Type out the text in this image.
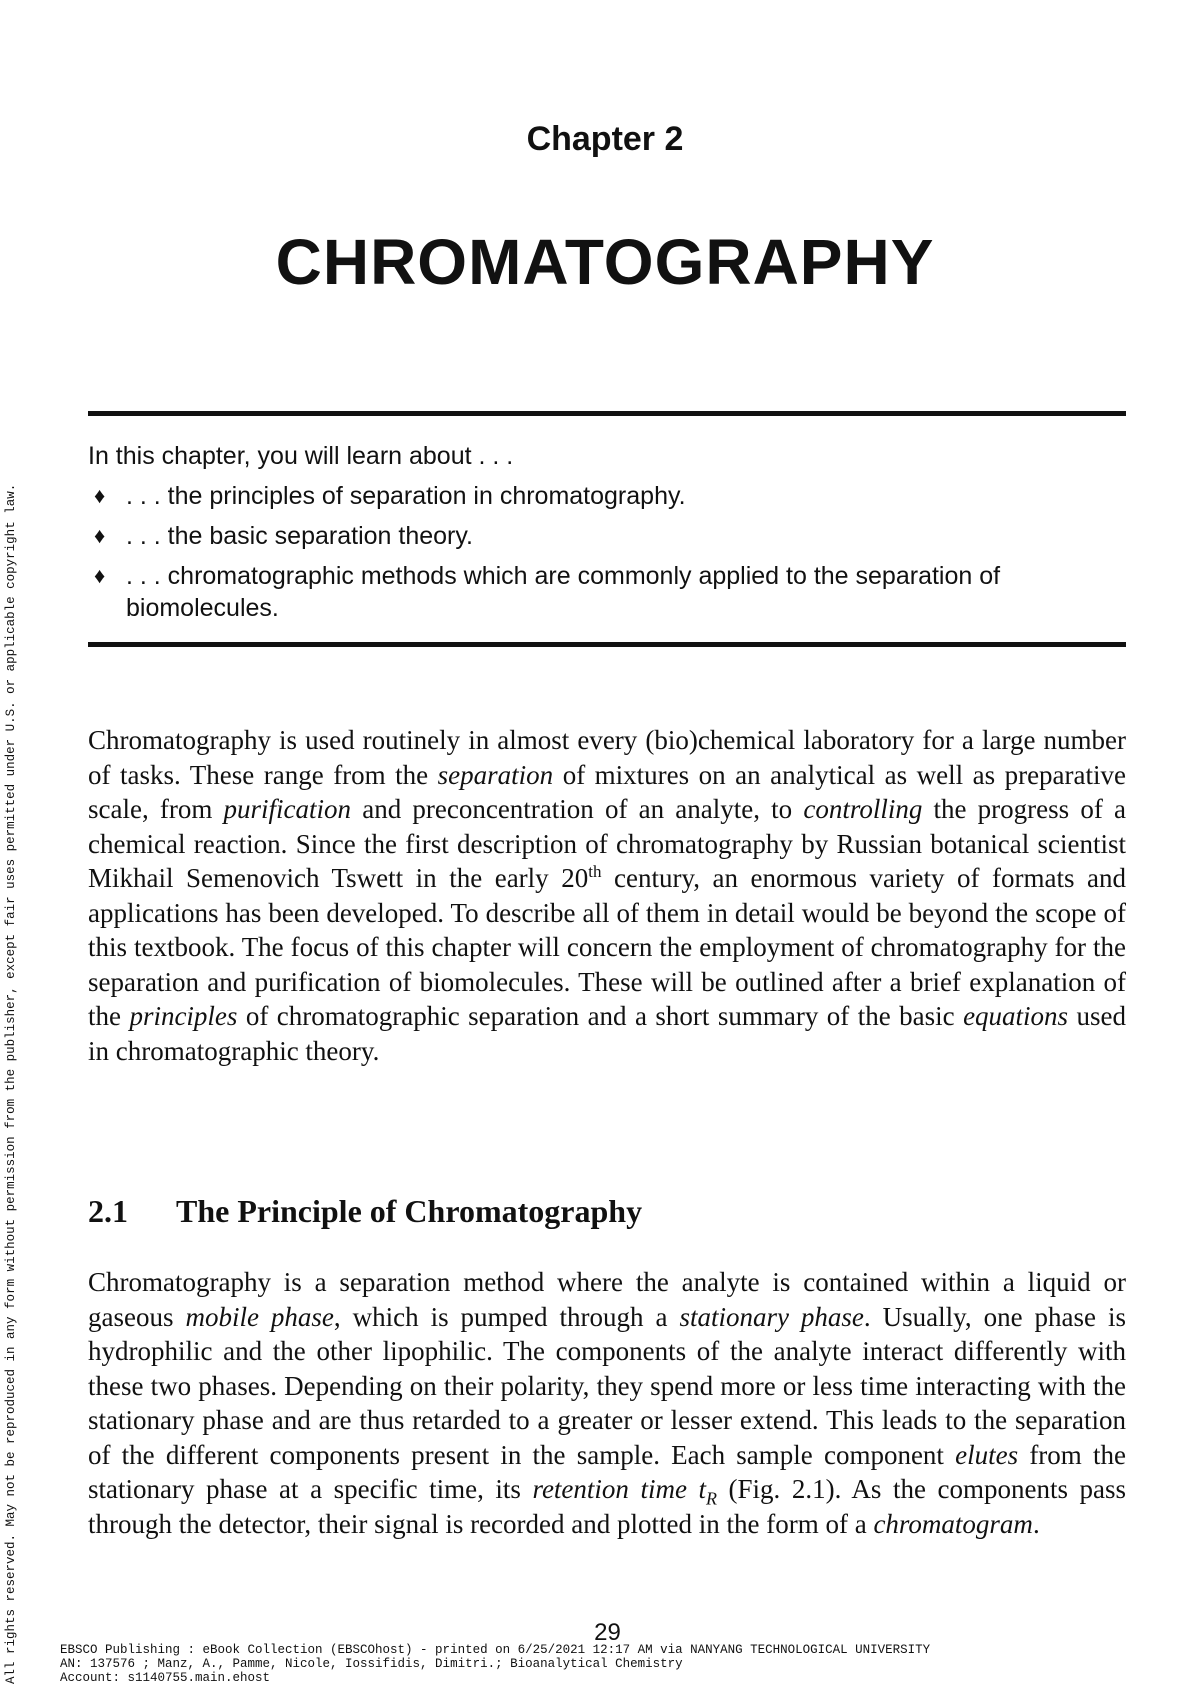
Chapter 2
CHROMATOGRAPHY

In this chapter, you will learn about . . .

♦ . . . the principles of separation in chromatography.
♦ . . . the basic separation theory.
♦ . . . chromatographic methods which are commonly applied to the separation of biomolecules.

Chromatography is used routinely in almost every (bio)chemical laboratory for a large number of tasks. These range from the separation of mixtures on an analytical as well as preparative scale, from purification and preconcentration of an analyte, to controlling the progress of a chemical reaction. Since the first description of chromatography by Russian botanical scientist Mikhail Semenovich Tswett in the early 20th century, an enormous variety of formats and applications has been developed. To describe all of them in detail would be beyond the scope of this textbook. The focus of this chapter will concern the employment of chromatography for the separation and purification of biomolecules. These will be outlined after a brief explanation of the principles of chromatographic separation and a short summary of the basic equations used in chromatographic theory.

2.1 The Principle of Chromatography

Chromatography is a separation method where the analyte is contained within a liquid or gaseous mobile phase, which is pumped through a stationary phase. Usually, one phase is hydrophilic and the other lipophilic. The components of the analyte interact differently with these two phases. Depending on their polarity, they spend more or less time interacting with the stationary phase and are thus retarded to a greater or lesser extend. This leads to the separation of the different components present in the sample. Each sample component elutes from the stationary phase at a specific time, its retention time $t_R$ (Fig. 2.1). As the components pass through the detector, their signal is recorded and plotted in the form of a chromatogram.

29
EBSCO Publishing : eBook Collection (EBSCOhost) - printed on 6/25/2021 12:17 AM via NANYANG TECHNOLOGICAL UNIVERSITY
AN: 137576 ; Manz, A., Pamme, Nicole, Iossifidis, Dimitri.; Bioanalytical Chemistry
Account: s1140755.main.ehost
All rights reserved. May not be reproduced in any form without permission from the publisher, except fair uses permitted under U.S. or applicable copyright law.
